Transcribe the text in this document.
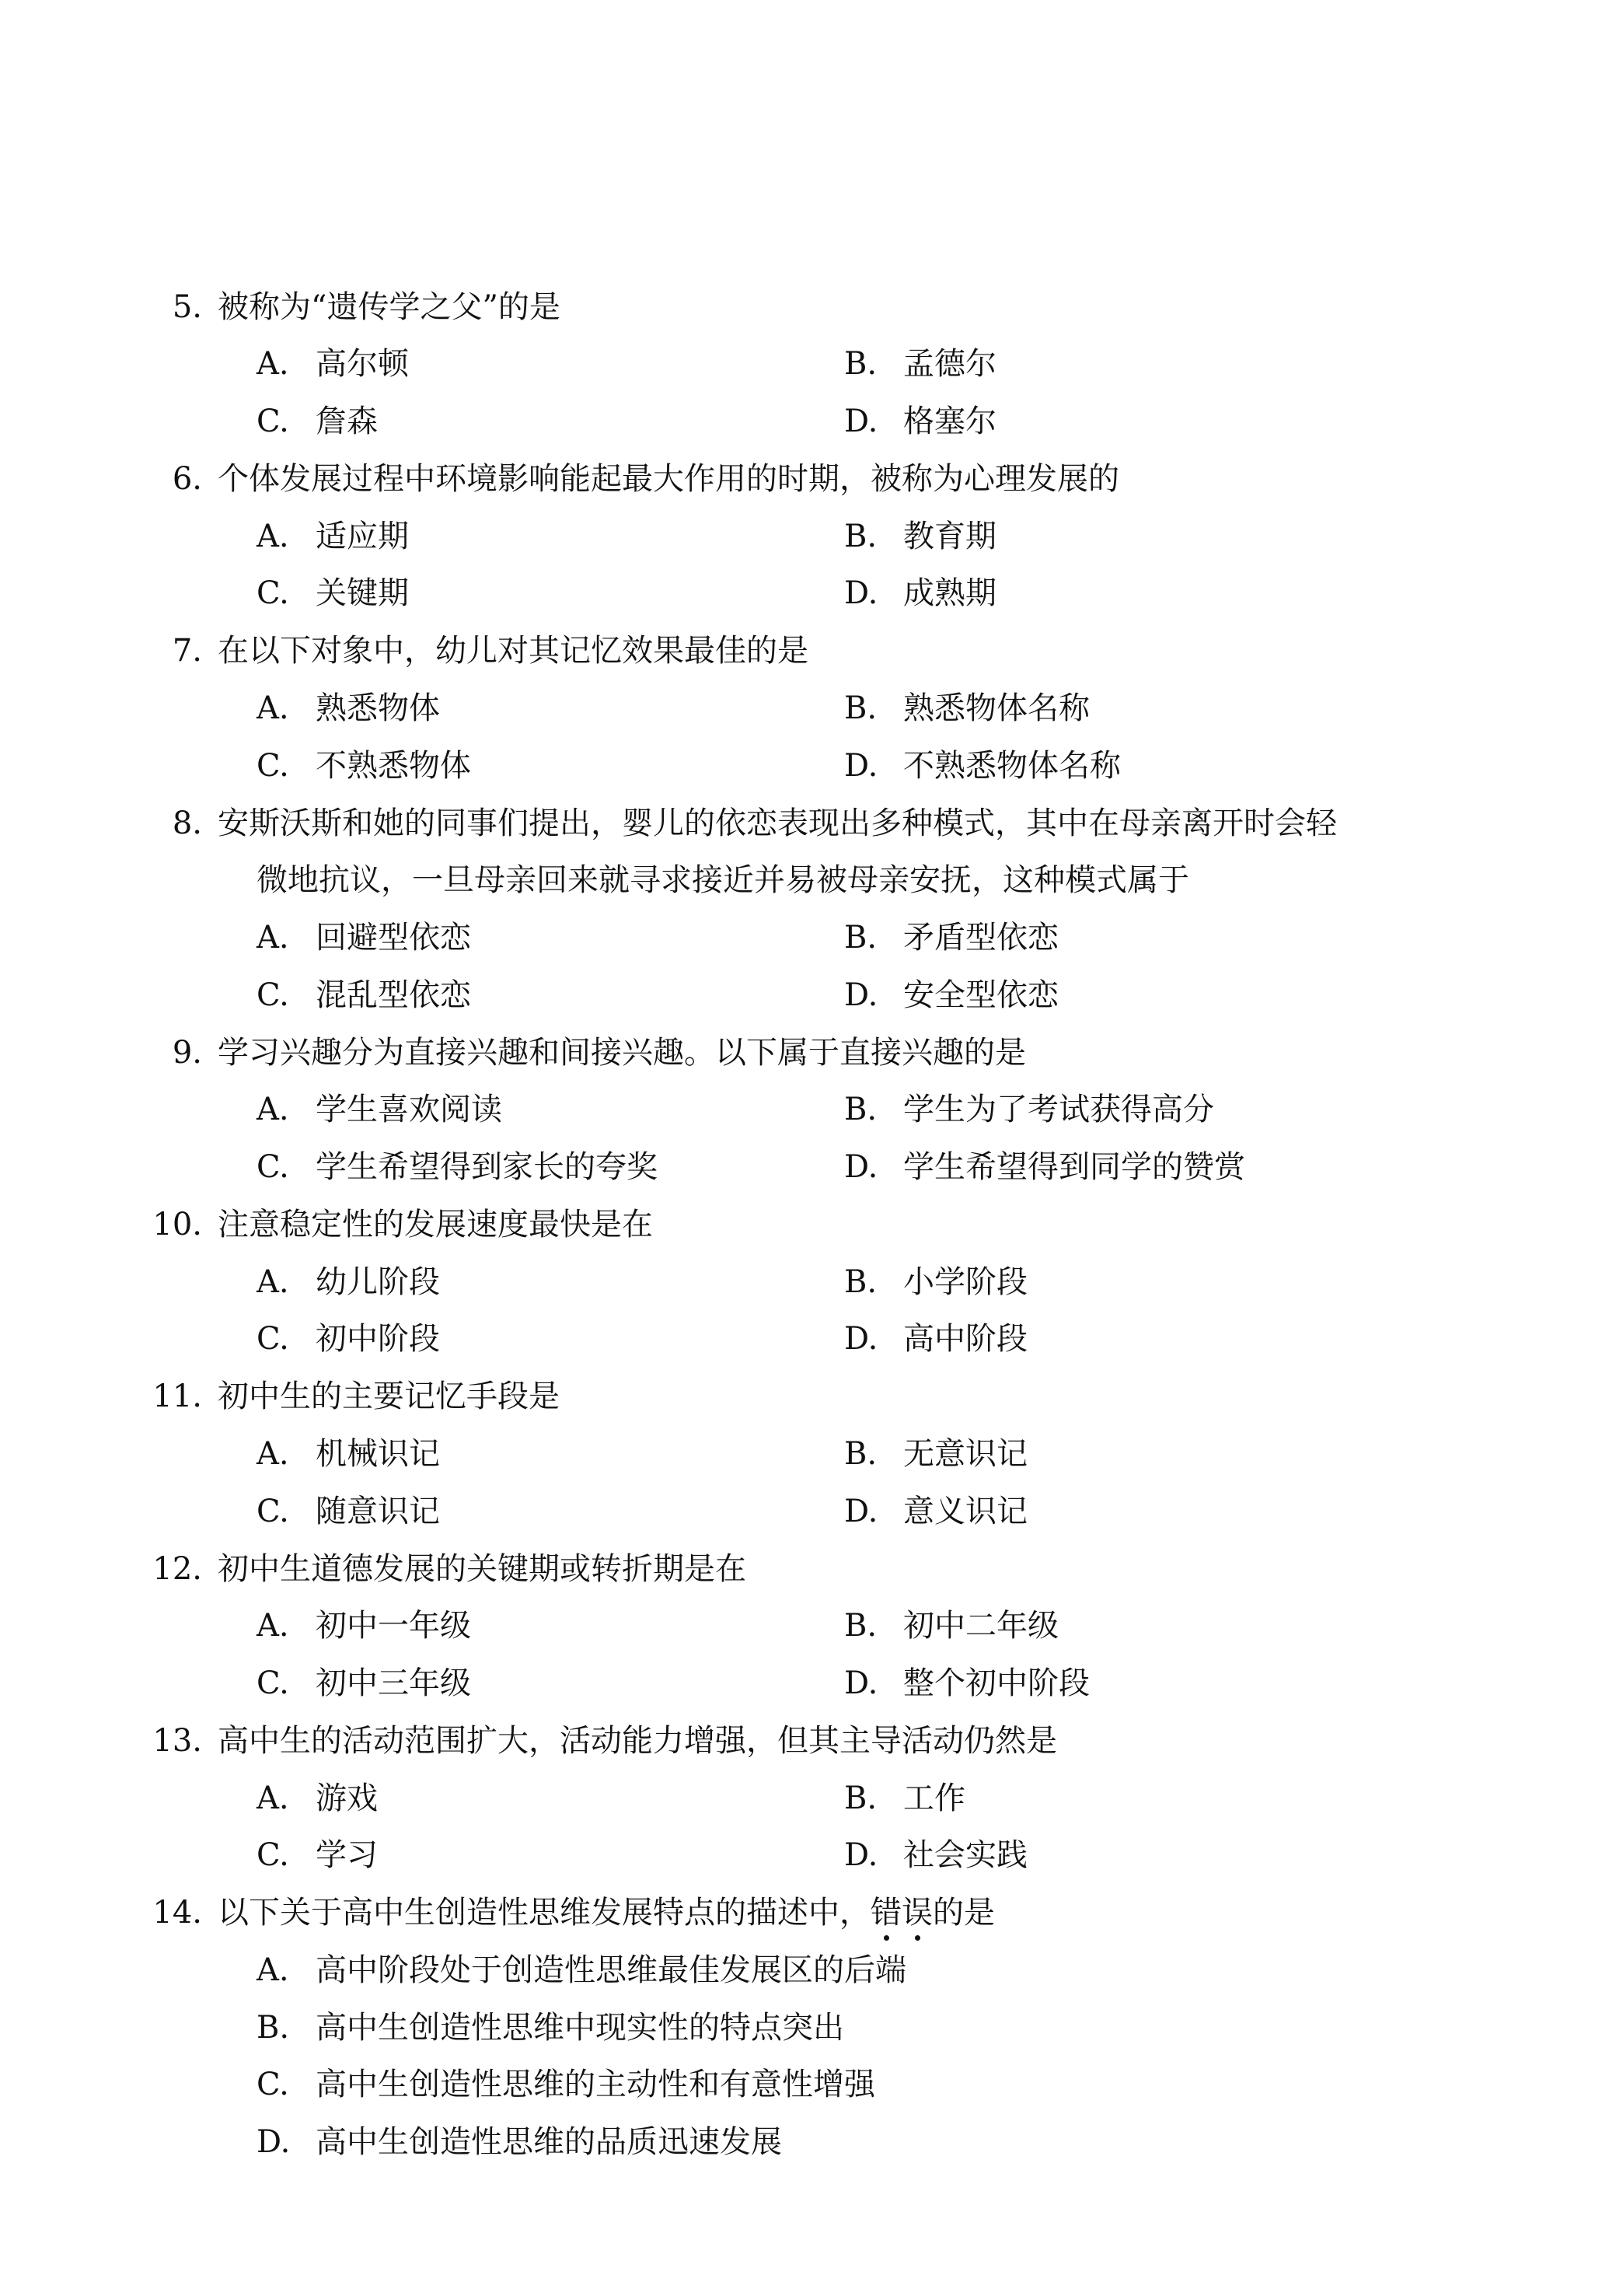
5. 被称为“遗传学之父”的是
A. 高尔顿	B. 孟德尔
C. 詹森	D. 格塞尔
6. 个体发展过程中环境影响能起最大作用的时期，被称为心理发展的
A. 适应期	B. 教育期
C. 关键期	D. 成熟期
7. 在以下对象中，幼儿对其记忆效果最佳的是
A. 熟悉物体	B. 熟悉物体名称
C. 不熟悉物体	D. 不熟悉物体名称
8. 安斯沃斯和她的同事们提出，婴儿的依恋表现出多种模式，其中在母亲离开时会轻
微地抗议，一旦母亲回来就寻求接近并易被母亲安抚，这种模式属于
A. 回避型依恋	B. 矛盾型依恋
C. 混乱型依恋	D. 安全型依恋
9. 学习兴趣分为直接兴趣和间接兴趣。以下属于直接兴趣的是
A. 学生喜欢阅读	B. 学生为了考试获得高分
C. 学生希望得到家长的夸奖	D. 学生希望得到同学的赞赏
10. 注意稳定性的发展速度最快是在
A. 幼儿阶段	B. 小学阶段
C. 初中阶段	D. 高中阶段
11. 初中生的主要记忆手段是
A. 机械识记	B. 无意识记
C. 随意识记	D. 意义识记
12. 初中生道德发展的关键期或转折期是在
A. 初中一年级	B. 初中二年级
C. 初中三年级	D. 整个初中阶段
13. 高中生的活动范围扩大，活动能力增强，但其主导活动仍然是
A. 游戏	B. 工作
C. 学习	D. 社会实践
14. 以下关于高中生创造性思维发展特点的描述中，错误
的是
A. 高中阶段处于创造性思维最佳发展区的后端
B. 高中生创造性思维中现实性的特点突出
C. 高中生创造性思维的主动性和有意性增强
D. 高中生创造性思维的品质迅速发展
